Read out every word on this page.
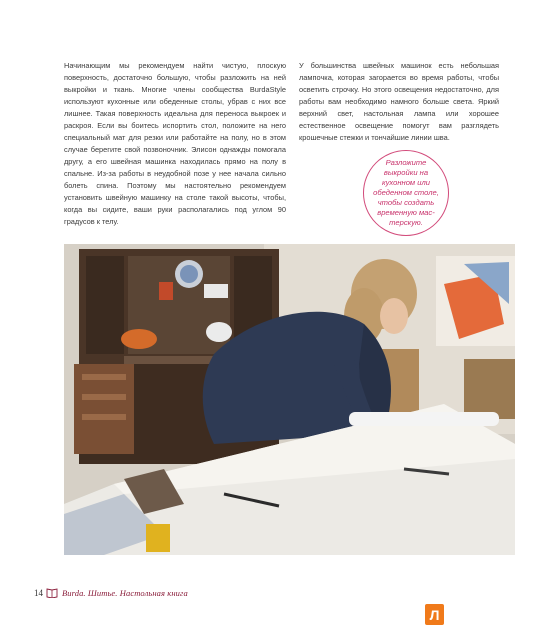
Начинающим мы рекомендуем найти чистую, плоскую поверхность, достаточно большую, чтобы разложить на ней выкройки и ткань. Многие члены сообщества BurdaStyle используют кухонные или обеденные столы, убрав с них все лишнее. Такая поверхность идеальна для переноса выкроек и раскроя. Если вы боитесь испортить стол, положите на него специальный мат для резки или работайте на полу, но в этом случае берегите свой позвоночник. Элисон однажды помогала другу, а его швейная машинка находилась прямо на полу в спальне. Из-за работы в неудобной позе у нее начала сильно болеть спина. Поэтому мы настоятельно рекомендуем установить швейную машинку на столе такой высоты, чтобы, когда вы сидите, ваши руки располагались под углом 90 градусов к телу.

У большинства швейных машинок есть небольшая лампочка, которая загорается во время работы, чтобы осветить строчку. Но этого освещения недостаточно, для работы вам необходимо намного больше света. Яркий верхний свет, настольная лампа или хорошее естественное освещение помогут вам разглядеть крошечные стежки и тончайшие линии шва.

Разложите выкройки на кухонном или обеденном столе, чтобы создать временную мас-терскую.
14 Burda. Шитье. Настольная книга
Л
